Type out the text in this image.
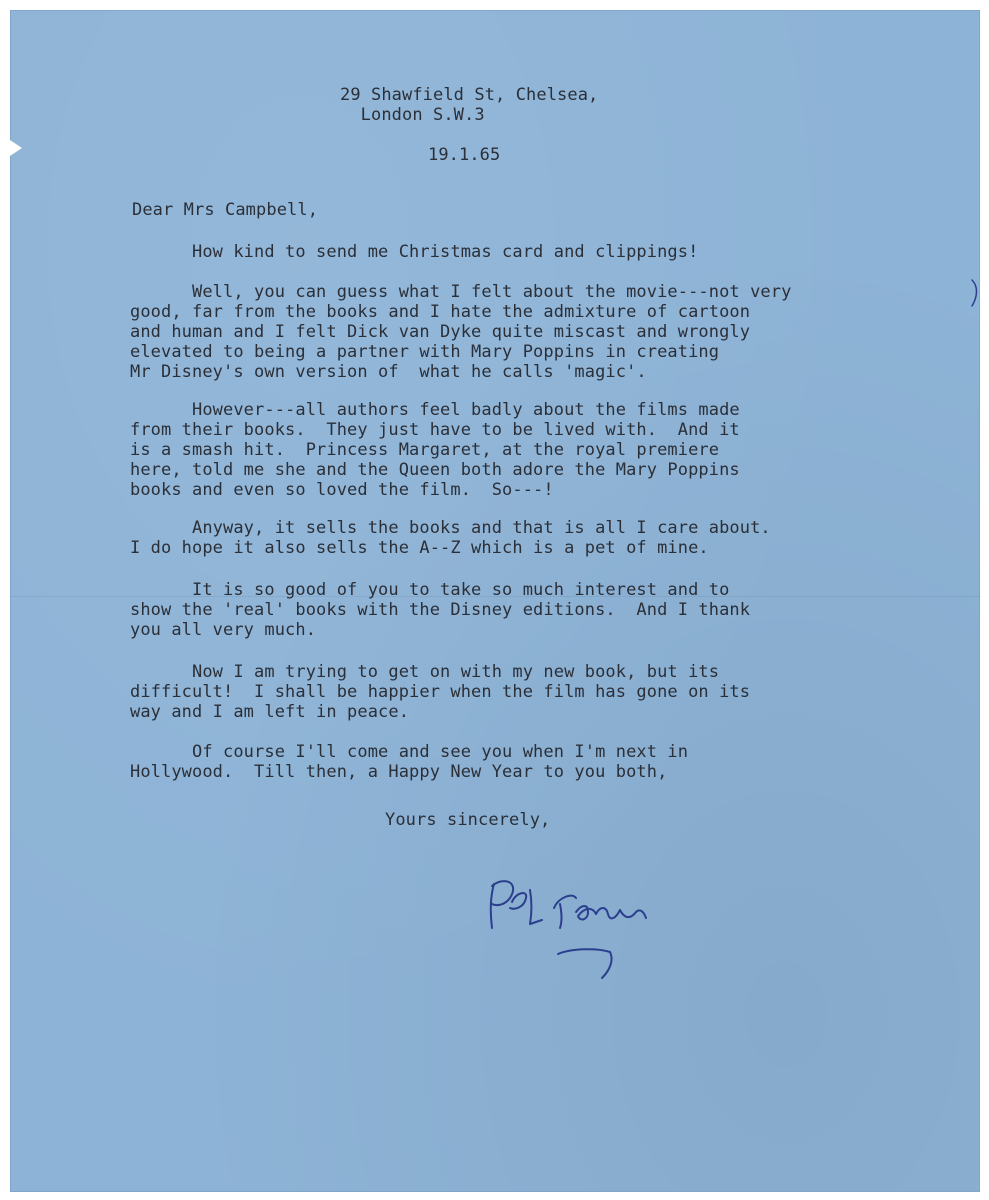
29 Shawfield St, Chelsea,
London S.W.3
19.1.65
Dear Mrs Campbell,
How kind to send me Christmas card and clippings!
Well, you can guess what I felt about the movie---not very
good, far from the books and I hate the admixture of cartoon
and human and I felt Dick van Dyke quite miscast and wrongly
elevated to being a partner with Mary Poppins in creating
Mr Disney's own version of  what he calls 'magic'.
However---all authors feel badly about the films made
from their books.  They just have to be lived with.  And it
is a smash hit.  Princess Margaret, at the royal premiere
here, told me she and the Queen both adore the Mary Poppins
books and even so loved the film.  So---!
Anyway, it sells the books and that is all I care about.
I do hope it also sells the A--Z which is a pet of mine.
It is so good of you to take so much interest and to
show the 'real' books with the Disney editions.  And I thank
you all very much.
Now I am trying to get on with my new book, but its
difficult!  I shall be happier when the film has gone on its
way and I am left in peace.
Of course I'll come and see you when I'm next in
Hollywood.  Till then, a Happy New Year to you both,
Yours sincerely,
